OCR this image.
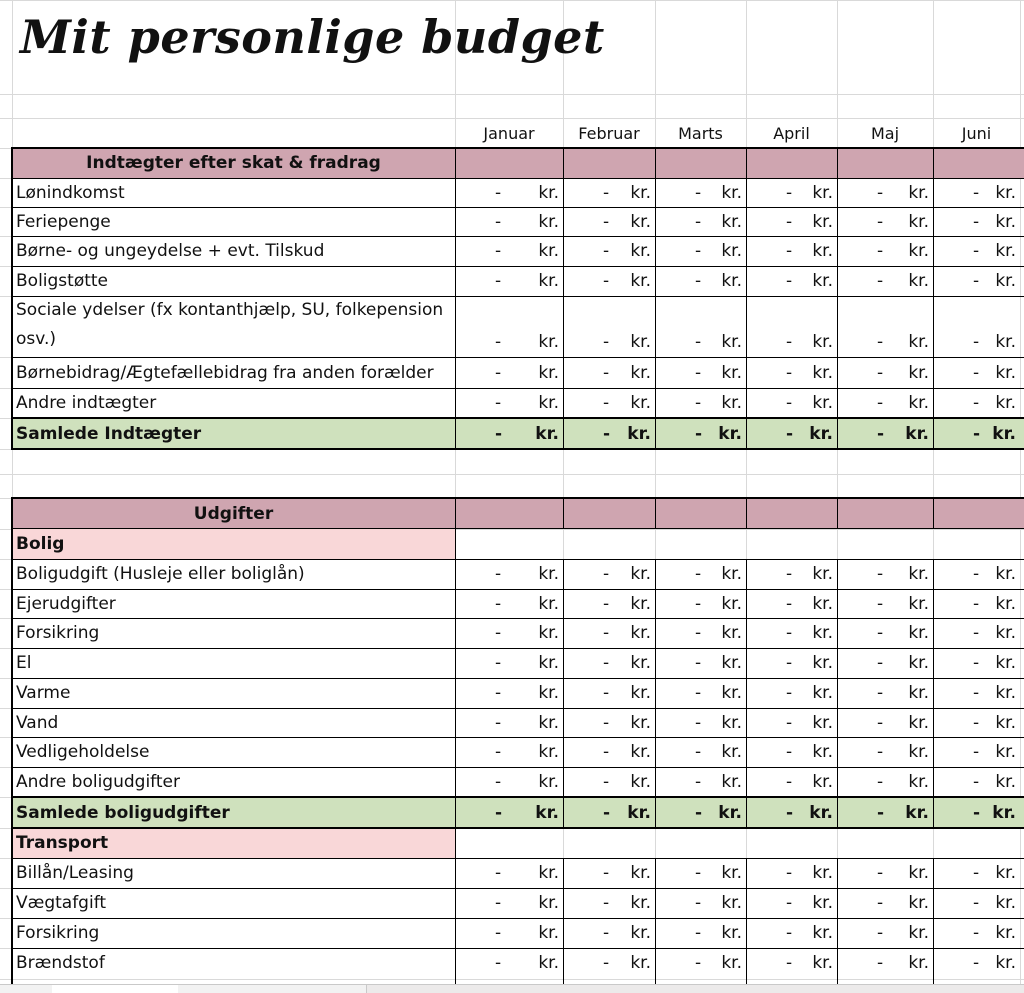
Mit personlige budget
Januar	Februar	Marts	April	Maj	Juni
Indtægter efter skat & fradrag
Lønindkomst	- kr.	- kr.	- kr.	- kr.	- kr.	- kr.
Feriepenge	- kr.	- kr.	- kr.	- kr.	- kr.	- kr.
Børne- og ungeydelse + evt. Tilskud	- kr.	- kr.	- kr.	- kr.	- kr.	- kr.
Boligstøtte	- kr.	- kr.	- kr.	- kr.	- kr.	- kr.
Sociale ydelser (fx kontanthjælp, SU, folkepension osv.)	- kr.	- kr.	- kr.	- kr.	- kr.	- kr.
Børnebidrag/Ægtefællebidrag fra anden forælder	- kr.	- kr.	- kr.	- kr.	- kr.	- kr.
Andre indtægter	- kr.	- kr.	- kr.	- kr.	- kr.	- kr.
Samlede Indtægter	- kr.	- kr.	- kr.	- kr.	- kr.	- kr.
Udgifter
Bolig
Boligudgift (Husleje eller boliglån)	- kr.	- kr.	- kr.	- kr.	- kr.	- kr.
Ejerudgifter	- kr.	- kr.	- kr.	- kr.	- kr.	- kr.
Forsikring	- kr.	- kr.	- kr.	- kr.	- kr.	- kr.
El	- kr.	- kr.	- kr.	- kr.	- kr.	- kr.
Varme	- kr.	- kr.	- kr.	- kr.	- kr.	- kr.
Vand	- kr.	- kr.	- kr.	- kr.	- kr.	- kr.
Vedligeholdelse	- kr.	- kr.	- kr.	- kr.	- kr.	- kr.
Andre boligudgifter	- kr.	- kr.	- kr.	- kr.	- kr.	- kr.
Samlede boligudgifter	- kr.	- kr.	- kr.	- kr.	- kr.	- kr.
Transport
Billån/Leasing	- kr.	- kr.	- kr.	- kr.	- kr.	- kr.
Vægtafgift	- kr.	- kr.	- kr.	- kr.	- kr.	- kr.
Forsikring	- kr.	- kr.	- kr.	- kr.	- kr.	- kr.
Brændstof	- kr.	- kr.	- kr.	- kr.	- kr.	- kr.
